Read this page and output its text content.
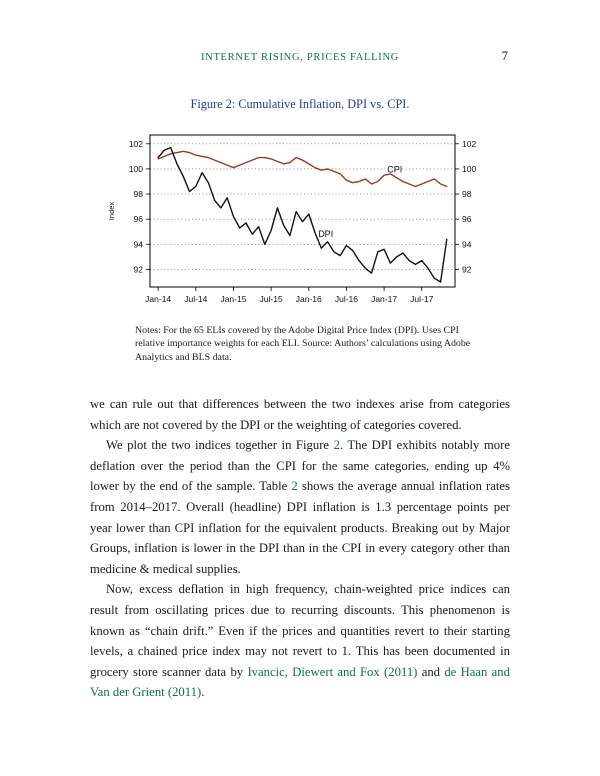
INTERNET RISING, PRICES FALLING	7
Figure 2: Cumulative Inflation, DPI vs. CPI.
92	92
94	94
96	96
98	98
100	100
102	102
Jan-14 Jul-14 Jan-15 Jul-15 Jan-16 Jul-16 Jan-17 Jul-17
Index
CPI
DPI
Notes: For the 65 ELIs covered by the Adobe Digital Price Index (DPI). Uses CPI relative importance weights for each ELI. Source: Authors’ calculations using Adobe Analytics and BLS data.

we can rule out that differences between the two indexes arise from categories which are not covered by the DPI or the weighting of categories covered.

We plot the two indices together in Figure 2. The DPI exhibits notably more deflation over the period than the CPI for the same categories, ending up 4% lower by the end of the sample. Table 2 shows the average annual inflation rates from 2014–2017. Overall (headline) DPI inflation is 1.3 percentage points per year lower than CPI inflation for the equivalent products. Breaking out by Major Groups, inflation is lower in the DPI than in the CPI in every category other than medicine & medical supplies.

Now, excess deflation in high frequency, chain-weighted price indices can result from oscillating prices due to recurring discounts. This phenomenon is known as “chain drift.” Even if the prices and quantities revert to their starting levels, a chained price index may not revert to 1. This has been documented in grocery store scanner data by Ivancic, Diewert and Fox (2011) and de Haan and Van der Grient (2011).
